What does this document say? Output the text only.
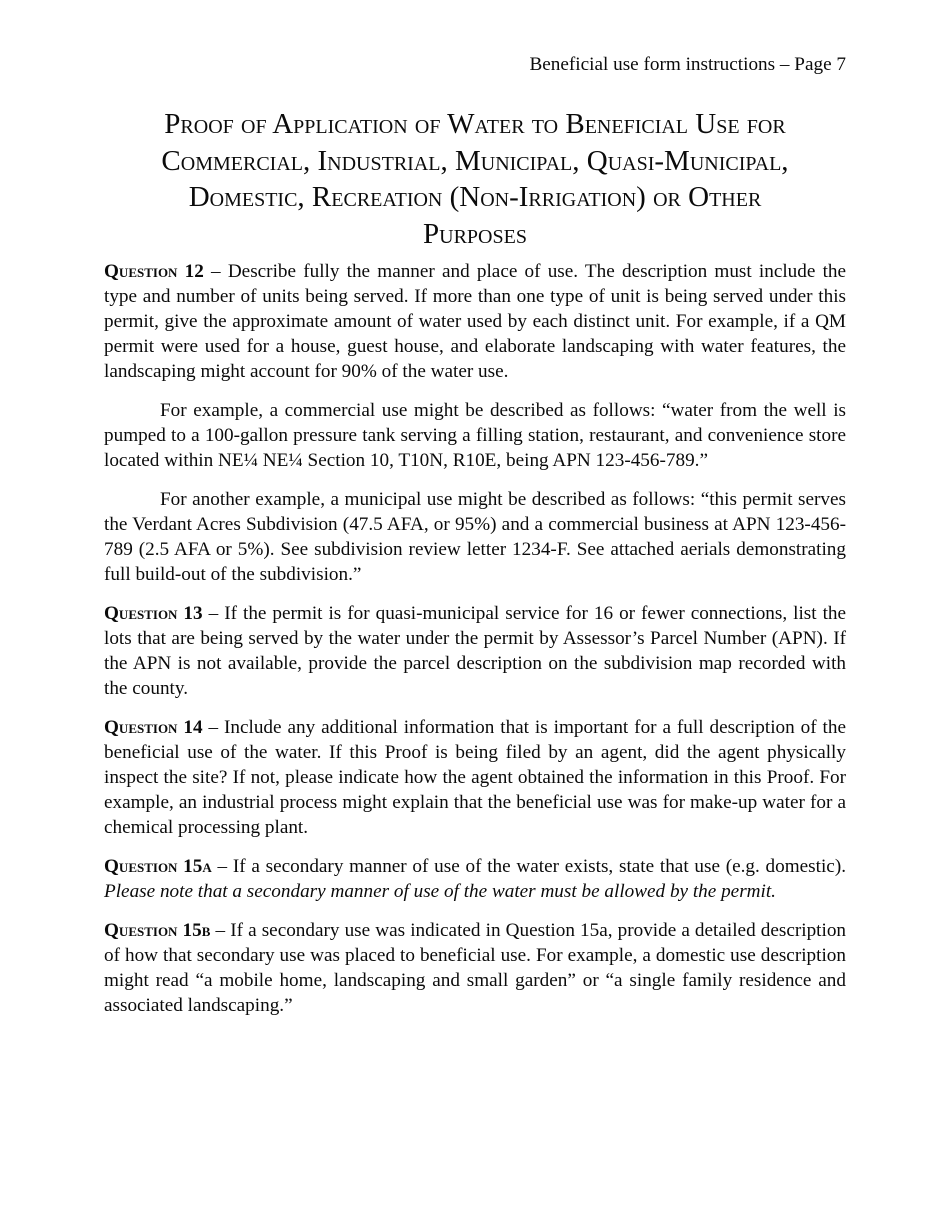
Beneficial use form instructions – Page 7
Proof of Application of Water to Beneficial Use for
Commercial, Industrial, Municipal, Quasi-Municipal,
Domestic, Recreation (Non-Irrigation) or Other
Purposes

Question 12 – Describe fully the manner and place of use. The description must include the type and number of units being served. If more than one type of unit is being served under this permit, give the approximate amount of water used by each distinct unit. For example, if a QM permit were used for a house, guest house, and elaborate landscaping with water features, the landscaping might account for 90% of the water use.

For example, a commercial use might be described as follows: “water from the well is pumped to a 100-gallon pressure tank serving a filling station, restaurant, and convenience store located within NE¼ NE¼ Section 10, T10N, R10E, being APN 123-456-789.”

For another example, a municipal use might be described as follows: “this permit serves the Verdant Acres Subdivision (47.5 AFA, or 95%) and a commercial business at APN 123-456-789 (2.5 AFA or 5%). See subdivision review letter 1234-F. See attached aerials demonstrating full build-out of the subdivision.”

Question 13 – If the permit is for quasi-municipal service for 16 or fewer connections, list the lots that are being served by the water under the permit by Assessor’s Parcel Number (APN). If the APN is not available, provide the parcel description on the subdivision map recorded with the county.

Question 14 – Include any additional information that is important for a full description of the beneficial use of the water. If this Proof is being filed by an agent, did the agent physically inspect the site? If not, please indicate how the agent obtained the information in this Proof. For example, an industrial process might explain that the beneficial use was for make-up water for a chemical processing plant.

Question 15a – If a secondary manner of use of the water exists, state that use (e.g. domestic). Please note that a secondary manner of use of the water must be allowed by the permit.

Question 15b – If a secondary use was indicated in Question 15a, provide a detailed description of how that secondary use was placed to beneficial use. For example, a domestic use description might read “a mobile home, landscaping and small garden” or “a single family residence and associated landscaping.”
